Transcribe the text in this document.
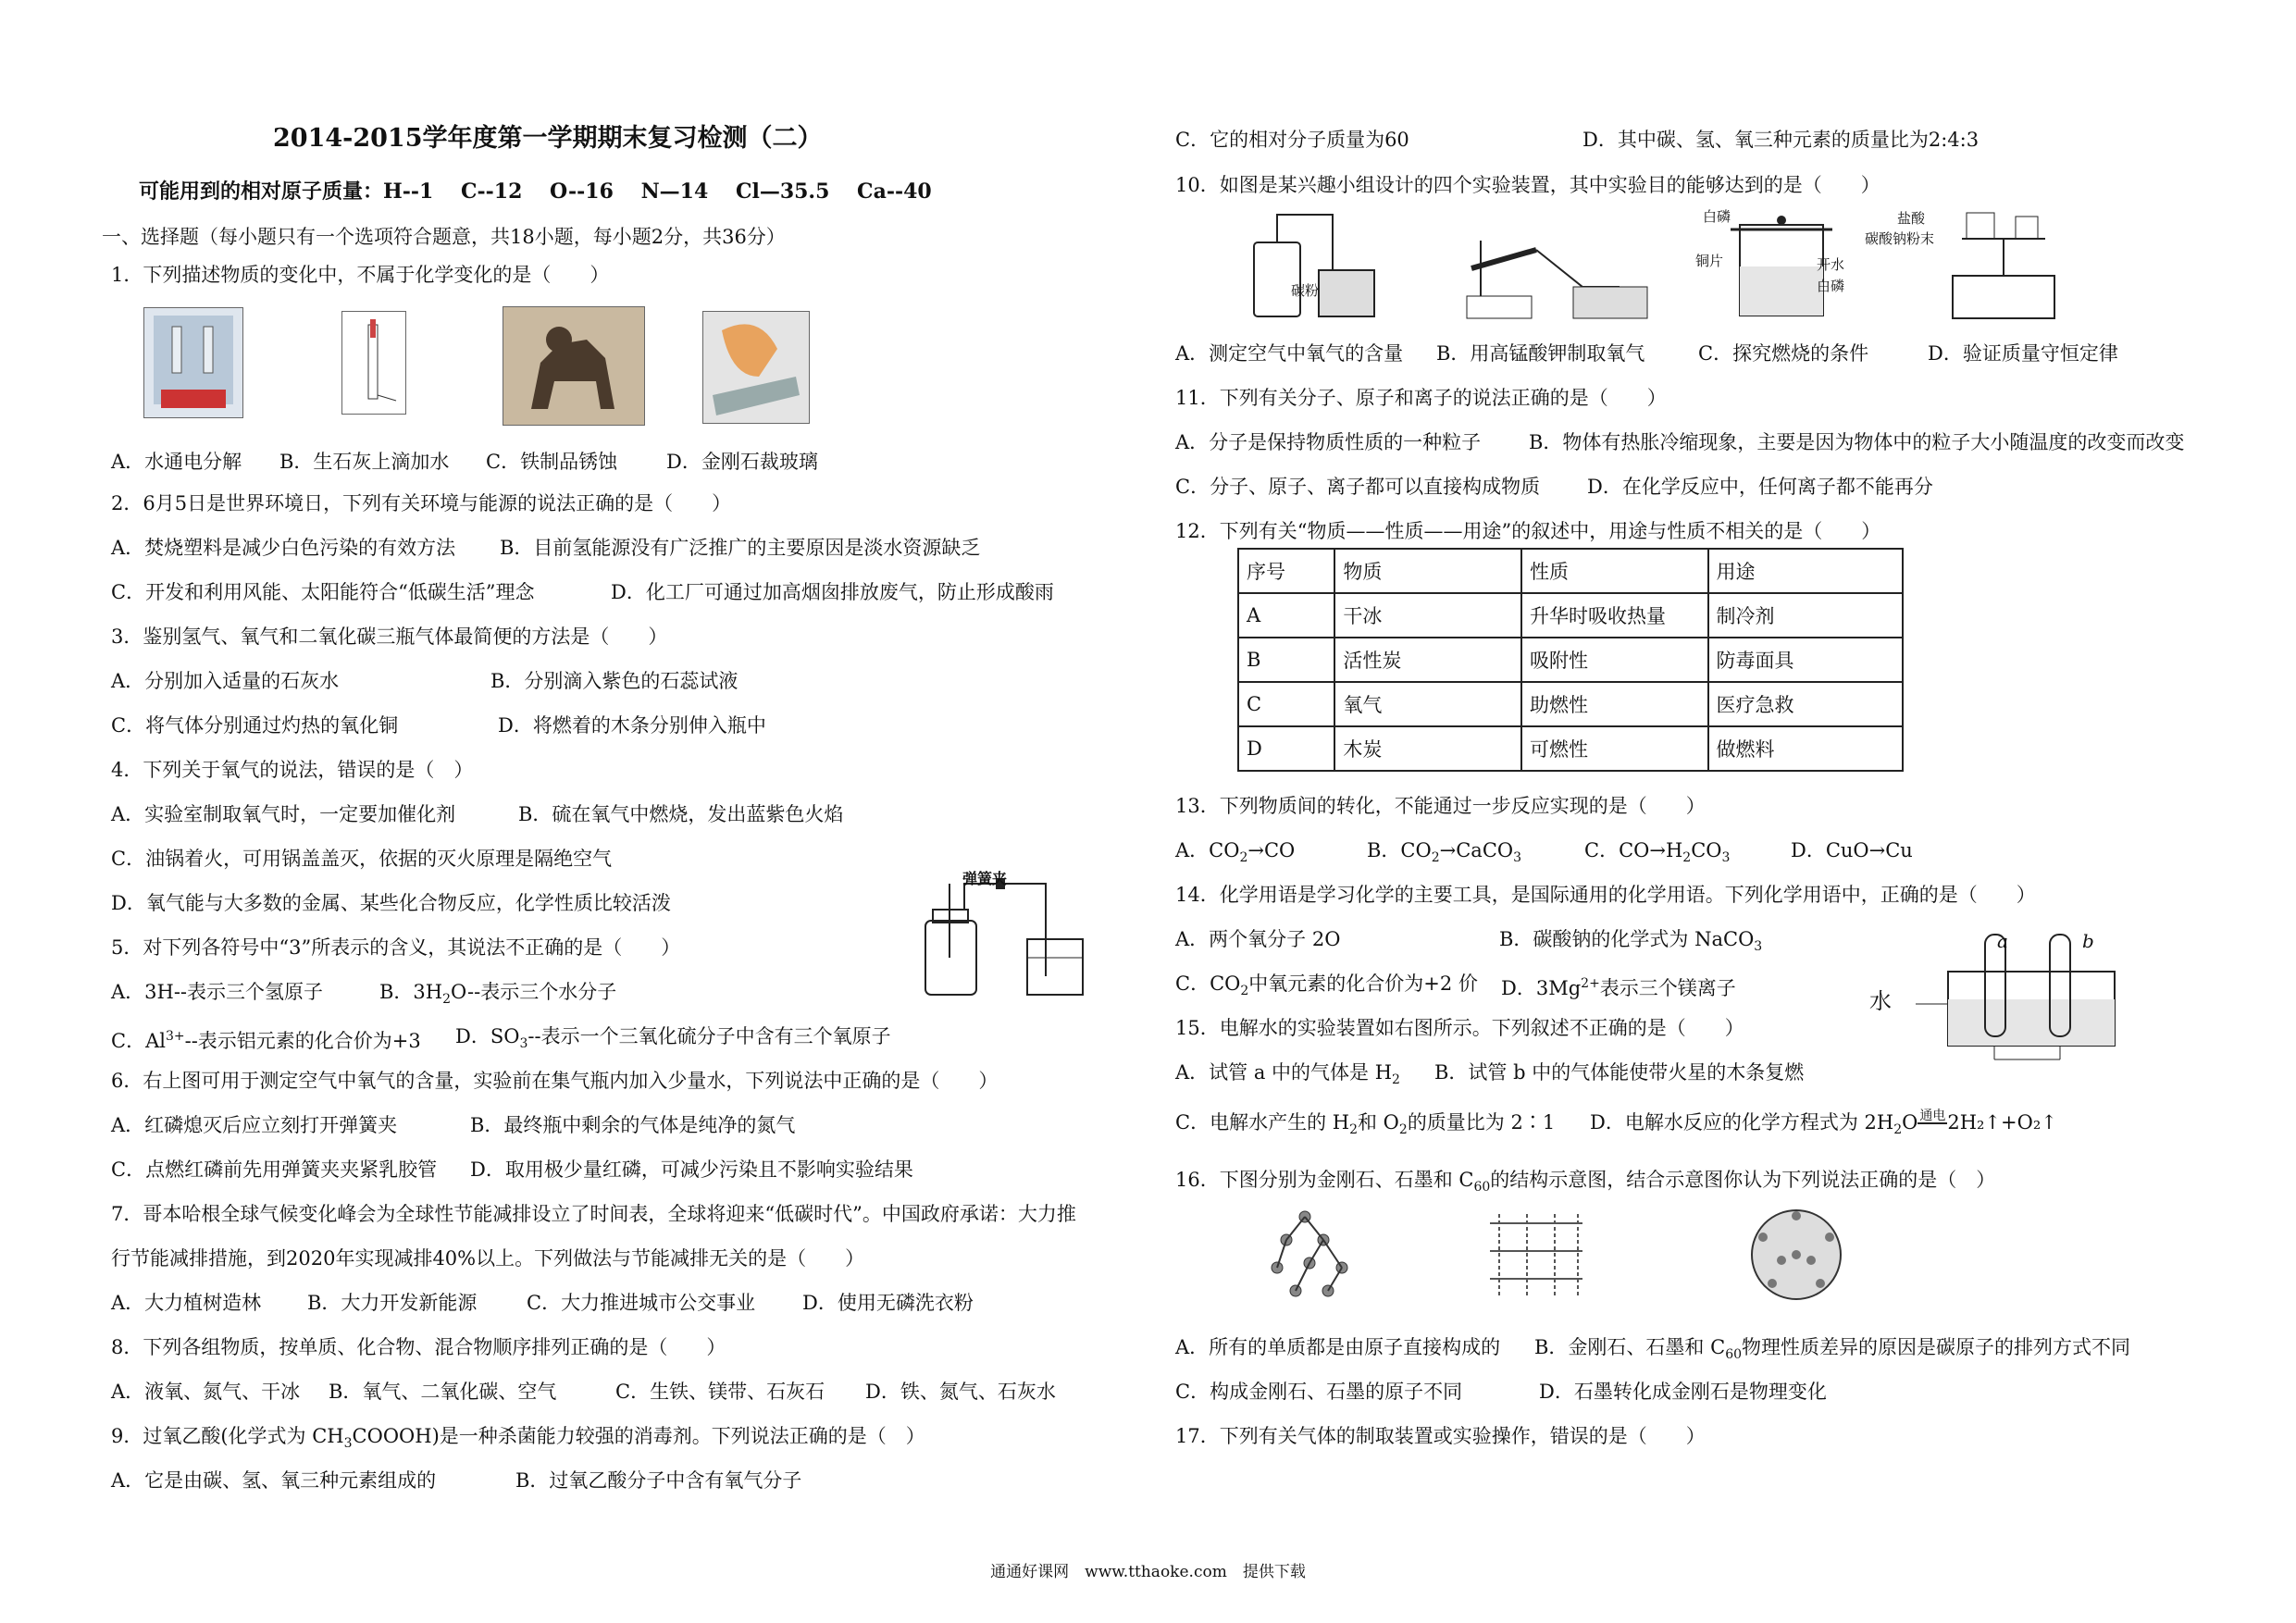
2014-2015学年度第一学期期末复习检测（二）
可能用到的相对原子质量：H--1　 C--12　 O--16　 N—14　 Cl—35.5　 Ca--40
一、选择题（每小题只有一个选项符合题意，共18小题，每小题2分，共36分）
1．下列描述物质的变化中，不属于化学变化的是（　　）
A．水通电分解 B．生石灰上滴加水 C．铁制品锈蚀	D．金刚石裁玻璃
2．6月5日是世界环境日，下列有关环境与能源的说法正确的是（　　）
A．焚烧塑料是减少白色污染的有效方法 B．目前氢能源没有广泛推广的主要原因是淡水资源缺乏
C．开发和利用风能、太阳能符合“低碳生活”理念	D．化工厂可通过加高烟囱排放废气，防止形成酸雨
3．鉴别氢气、氧气和二氧化碳三瓶气体最简便的方法是（　　）
A．分别加入适量的石灰水	B．分别滴入紫色的石蕊试液
C．将气体分别通过灼热的氧化铜	D．将燃着的木条分别伸入瓶中
4．下列关于氧气的说法，错误的是（　）
A．实验室制取氧气时，一定要加催化剂	B．硫在氧气中燃烧，发出蓝紫色火焰
C．油锅着火，可用锅盖盖灭，依据的灭火原理是隔绝空气
D．氧气能与大多数的金属、某些化合物反应，化学性质比较活泼
弹簧夹
5．对下列各符号中“3”所表示的含义，其说法不正确的是（　　）
A．3H--表示三个氢原子	B．$3H_2O--$表示三个水分子
C．$Al^{3+}--$表示铝元素的化合价为+3 D．$SO_3--$表示一个三氧化硫分子中含有三个氧原子
6．右上图可用于测定空气中氧气的含量，实验前在集气瓶内加入少量水，下列说法中正确的是（　　）
A．红磷熄灭后应立刻打开弹簧夹	B．最终瓶中剩余的气体是纯净的氮气
C．点燃红磷前先用弹簧夹夹紧乳胶管 D．取用极少量红磷，可减少污染且不影响实验结果
7．哥本哈根全球气候变化峰会为全球性节能减排设立了时间表，全球将迎来“低碳时代”。中国政府承诺：大力推
行节能减排措施，到2020年实现减排40%以上。下列做法与节能减排无关的是（　　）
A．大力植树造林 B．大力开发新能源	C．大力推进城市公交事业 D．使用无磷洗衣粉
8．下列各组物质，按单质、化合物、混合物顺序排列正确的是（　　）
A．液氧、氮气、干冰 B．氧气、二氧化碳、空气	C．生铁、镁带、石灰石 D．铁、氮气、石灰水
9．过氧乙酸(化学式为 $CH_3COOOH$)是一种杀菌能力较强的消毒剂。下列说法正确的是（　）
A．它是由碳、氢、氧三种元素组成的	B．过氧乙酸分子中含有氧气分子
C．它的相对分子质量为60	D．其中碳、氢、氧三种元素的质量比为2:4:3
10．如图是某兴趣小组设计的四个实验装置，其中实验目的能够达到的是（　　）
碳粉
白磷
铜片	开水
白磷
盐酸
碳酸钠粉末
A．测定空气中氧气的含量 B．用高锰酸钾制取氧气	C．探究燃烧的条件	D．验证质量守恒定律
11．下列有关分子、原子和离子的说法正确的是（　　）
A．分子是保持物质性质的一种粒子 B．物体有热胀冷缩现象，主要是因为物体中的粒子大小随温度的改变而改变
C．分子、原子、离子都可以直接构成物质 D．在化学反应中，任何离子都不能再分
12．下列有关“物质——性质——用途”的叙述中，用途与性质不相关的是（　　）
序号	物质	性质	用途
A	干冰	升华时吸收热量	制冷剂
B	活性炭	吸附性	防毒面具
C	氧气	助燃性	医疗急救
D	木炭	可燃性	做燃料
13．下列物质间的转化，不能通过一步反应实现的是（　　）
A．$CO_2\to CO$	B．$CO_2\to CaCO_3$	C．$CO\to H_2CO_3$	D．CuO→Cu
14．化学用语是学习化学的主要工具，是国际通用的化学用语。下列化学用语中，正确的是（　　）
A．两个氧分子 2O	B．碳酸钠的化学式为 NaCO$_3$
C．$CO_2$中氧元素的化合价为+2 价 D．$3Mg^{2+}$表示三个镁离子
a	b
水
15．电解水的实验装置如右图所示。下列叙述不正确的是（　　）
A．试管 a 中的气体是 $H_2$ B．试管 b 中的气体能使带火星的木条复燃
C．电解水产生的 $H_2$和 $O_2$的质量比为 2∶1 D．电解水反应的化学方程式为 $2H_2O$ 通电2H₂↑+O₂↑
16．下图分别为金刚石、石墨和 $C_{60}$的结构示意图，结合示意图你认为下列说法正确的是（　）
A．所有的单质都是由原子直接构成的 B．金刚石、石墨和 $C_{60}$物理性质差异的原因是碳原子的排列方式不同
C．构成金刚石、石墨的原子不同	D．石墨转化成金刚石是物理变化
17．下列有关气体的制取装置或实验操作，错误的是（　　）
通通好课网　www.tthaoke.com　提供下载
